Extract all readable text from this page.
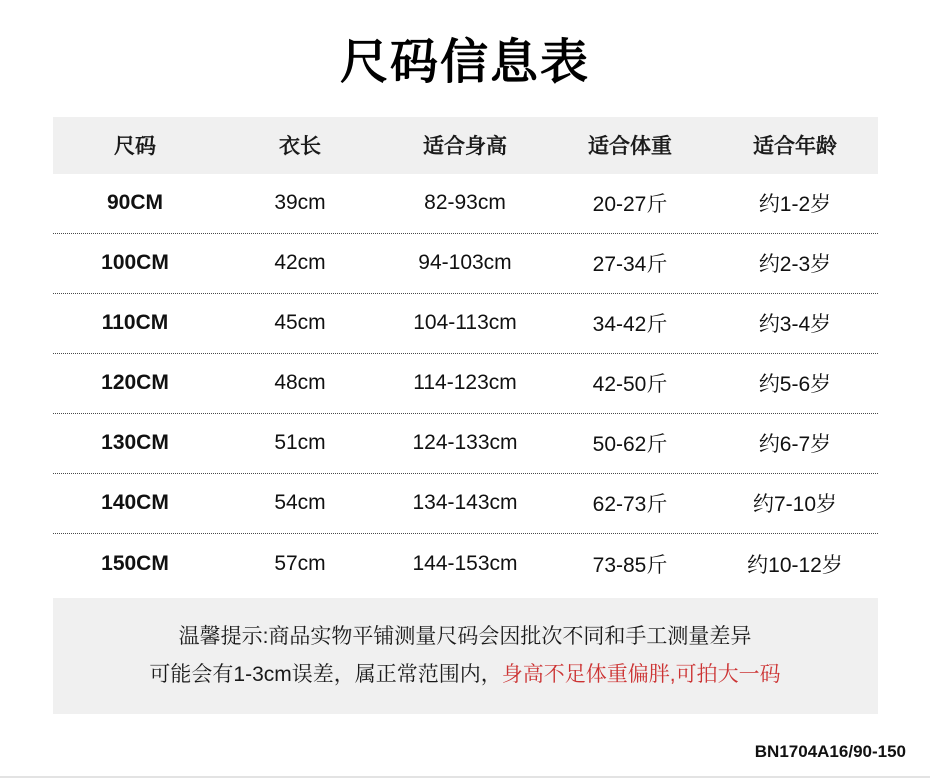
尺码信息表
尺码	衣长	适合身高	适合体重	适合年龄
90CM	39cm	82-93cm	20-27斤	约1-2岁
100CM	42cm	94-103cm	27-34斤	约2-3岁
110CM	45cm	104-113cm	34-42斤	约3-4岁
120CM	48cm	114-123cm	42-50斤	约5-6岁
130CM	51cm	124-133cm	50-62斤	约6-7岁
140CM	54cm	134-143cm	62-73斤	约7-10岁
150CM	57cm	144-153cm	73-85斤	约10-12岁
温馨提示:商品实物平铺测量尺码会因批次不同和手工测量差异
可能会有1-3cm误差，属正常范围内，身高不足体重偏胖,可拍大一码
BN1704A16/90-150
